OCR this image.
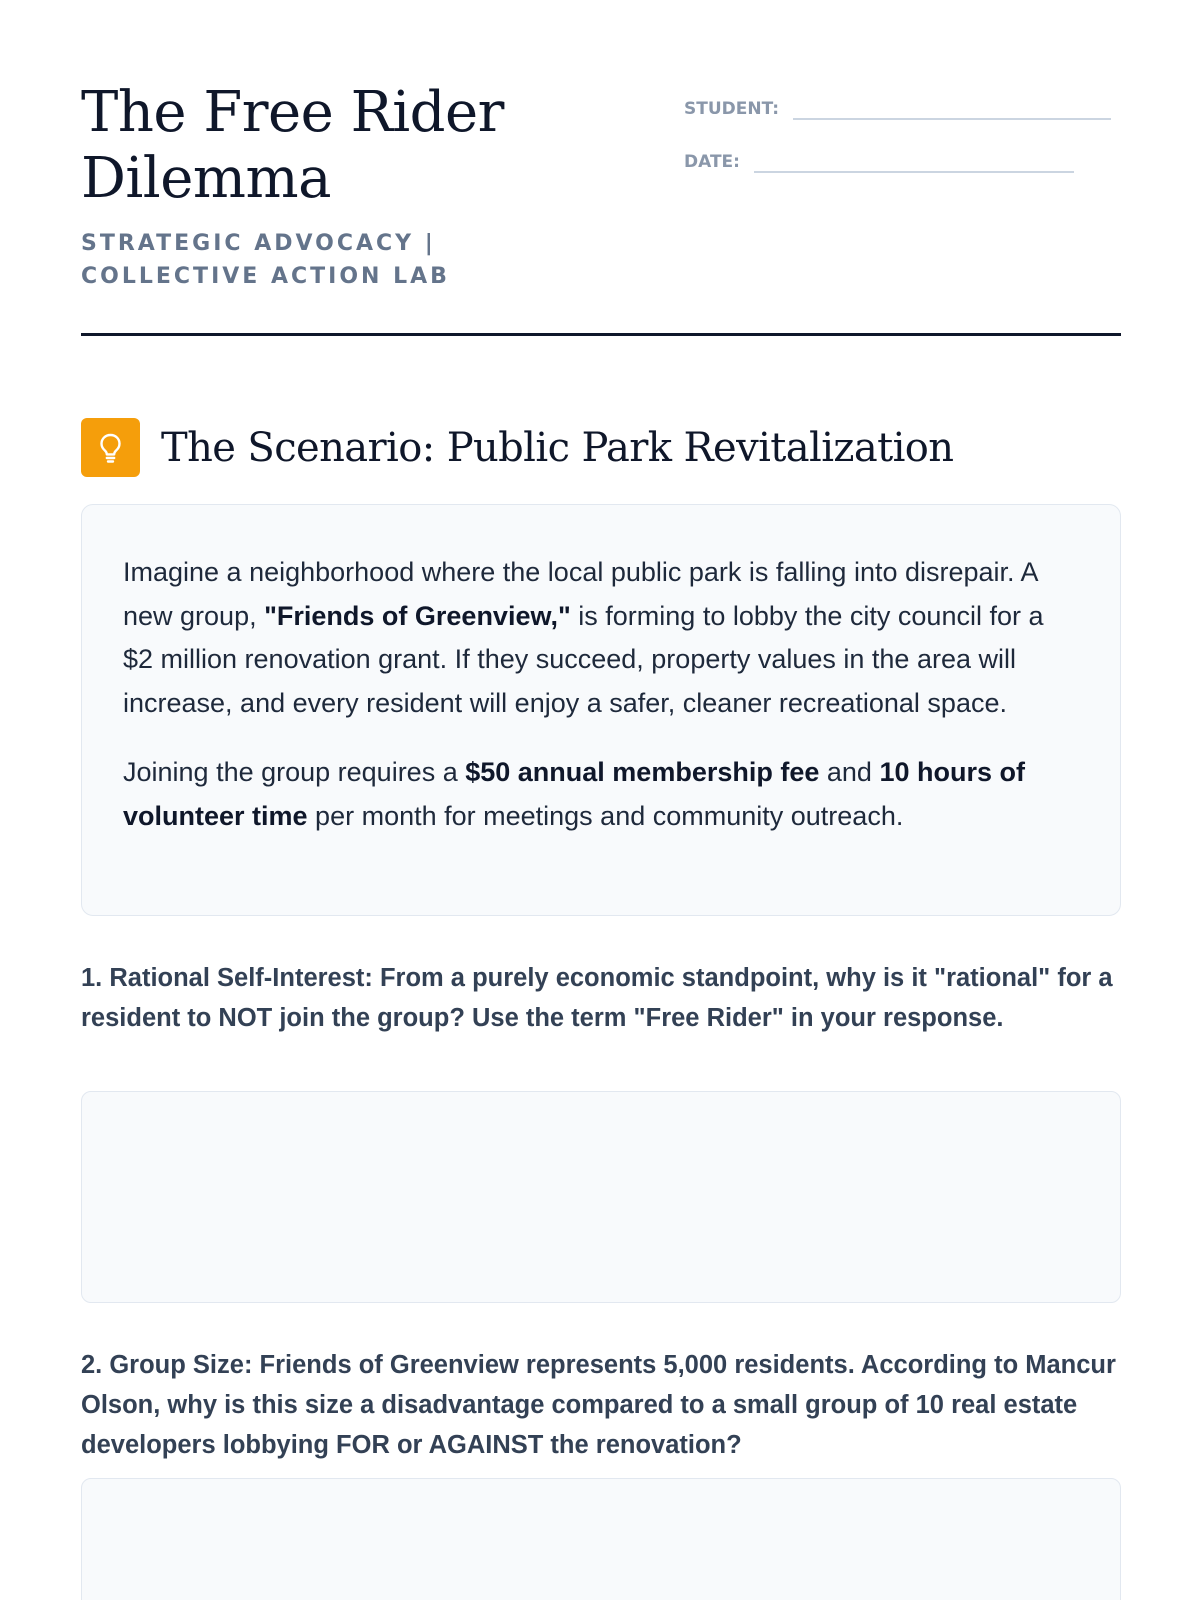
The Free Rider Dilemma
STRATEGIC ADVOCACY | COLLECTIVE ACTION LAB
STUDENT:
DATE:
The Scenario: Public Park Revitalization

Imagine a neighborhood where the local public park is falling into disrepair. A new group, "Friends of Greenview," is forming to lobby the city council for a $2 million renovation grant. If they succeed, property values in the area will increase, and every resident will enjoy a safer, cleaner recreational space.

Joining the group requires a $50 annual membership fee and 10 hours of volunteer time per month for meetings and community outreach.

1. Rational Self-Interest: From a purely economic standpoint, why is it "rational" for a resident to NOT join the group? Use the term "Free Rider" in your response.

2. Group Size: Friends of Greenview represents 5,000 residents. According to Mancur Olson, why is this size a disadvantage compared to a small group of 10 real estate developers lobbying FOR or AGAINST the renovation?
